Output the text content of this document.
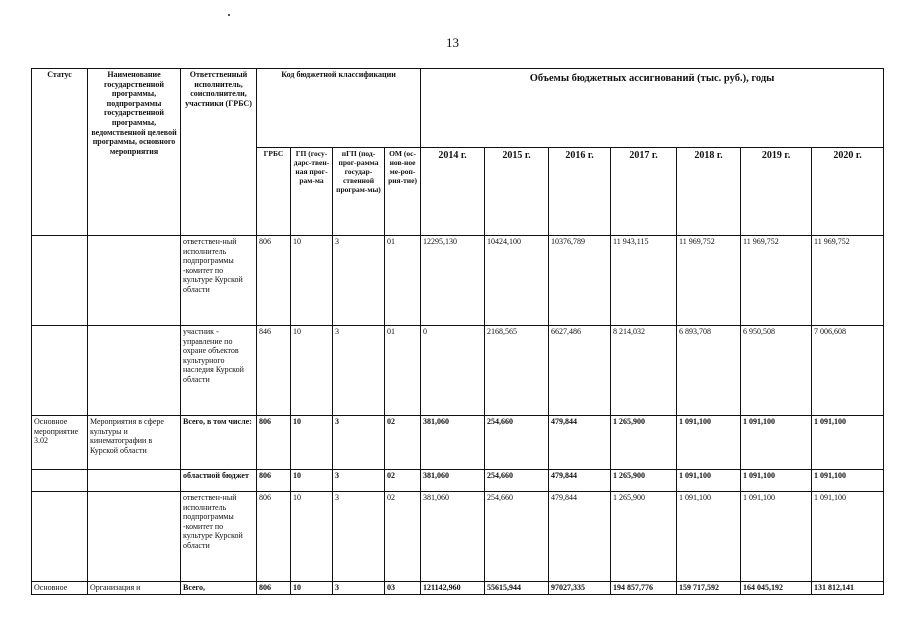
13
Статус	Наименование государственной программы, подпрограммы государственной программы, ведомственной целевой программы, основного мероприятия	Ответственный исполнитель, соисполнители, участники (ГРБС)	Код бюджетной классификации				Объемы бюджетных ассигнований (тыс. руб.), годы						
			ГРБС	ГП (госу-дарс-твен-ная прог-рам-ма	пГП (под-прог-рамма государ-ственной програм-мы)	ОМ (ос-нов-ное ме-роп-рия-тие)	2014 г.	2015 г.	2016 г.	2017 г.	2018 г.	2019 г.	2020 г.
		ответствен-ный исполнитель подпрограммы -комитет по культуре Курской области	806	10	3	01	12295,130	10424,100	10376,789	11 943,115	11 969,752	11 969,752	11 969,752
		участник - управление по охране объектов культурного наследия Курской области	846	10	3	01	0	2168,565	6627,486	8 214,032	6 893,708	6 950,508	7 006,608
Основное мероприятие 3.02	Мероприятия в сфере культуры и кинематографии в Курской области	Всего, в том числе:	806	10	3	02	381,060	254,660	479,844	1 265,900	1 091,100	1 091,100	1 091,100
		областной бюджет	806	10	3	02	381,060	254,660	479,844	1 265,900	1 091,100	1 091,100	1 091,100
		ответствен-ный исполнитель подпрограммы -комитет по культуре Курской области	806	10	3	02	381,060	254,660	479,844	1 265,900	1 091,100	1 091,100	1 091,100
Основное	Организация и	Всего,	806	10	3	03	121142,960	55615,944	97027,335	194 857,776	159 717,592	164 045,192	131 812,141
